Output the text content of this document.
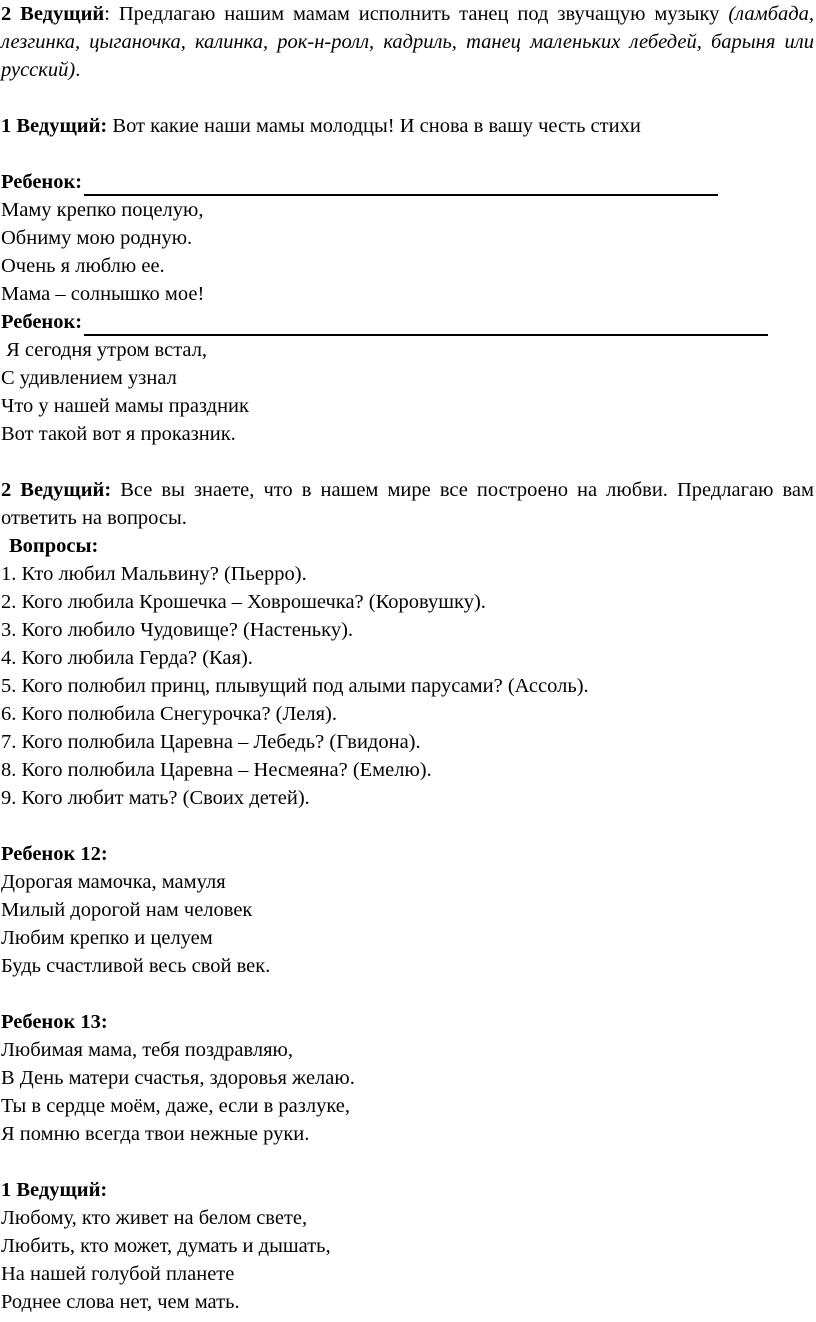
2 Ведущий: Предлагаю нашим мамам исполнить танец под звучащую музыку (ламбада, лезгинка, цыганочка, калинка, рок-н-ролл, кадриль, танец маленьких лебедей, барыня или русский).

1 Ведущий: Вот какие наши мамы молодцы! И снова в вашу честь стихи

Ребенок:

Маму крепко поцелую,

Обниму мою родную.

Очень я люблю ее.

Мама – солнышко мое!

Ребенок:

Я сегодня утром встал,

С удивлением узнал

Что у нашей мамы праздник

Вот такой вот я проказник.

2 Ведущий: Все вы знаете, что в нашем мире все построено на любви. Предлагаю вам ответить на вопросы.

Вопросы:

1. Кто любил Мальвину? (Пьерро).

2. Кого любила Крошечка – Ховрошечка? (Коровушку).

3. Кого любило Чудовище? (Настеньку).

4. Кого любила Герда? (Кая).

5. Кого полюбил принц, плывущий под алыми парусами? (Ассоль).

6. Кого полюбила Снегурочка? (Леля).

7. Кого полюбила Царевна – Лебедь? (Гвидона).

8. Кого полюбила Царевна – Несмеяна? (Емелю).

9. Кого любит мать? (Своих детей).

Ребенок 12:

Дорогая мамочка, мамуля

Милый дорогой нам человек

Любим крепко и целуем

Будь счастливой весь свой век.

Ребенок 13:

Любимая мама, тебя поздравляю,

В День матери счастья, здоровья желаю.

Ты в сердце моём, даже, если в разлуке,

Я помню всегда твои нежные руки.

1 Ведущий:

Любому, кто живет на белом свете,

Любить, кто может, думать и дышать,

На нашей голубой планете

Роднее слова нет, чем мать.
